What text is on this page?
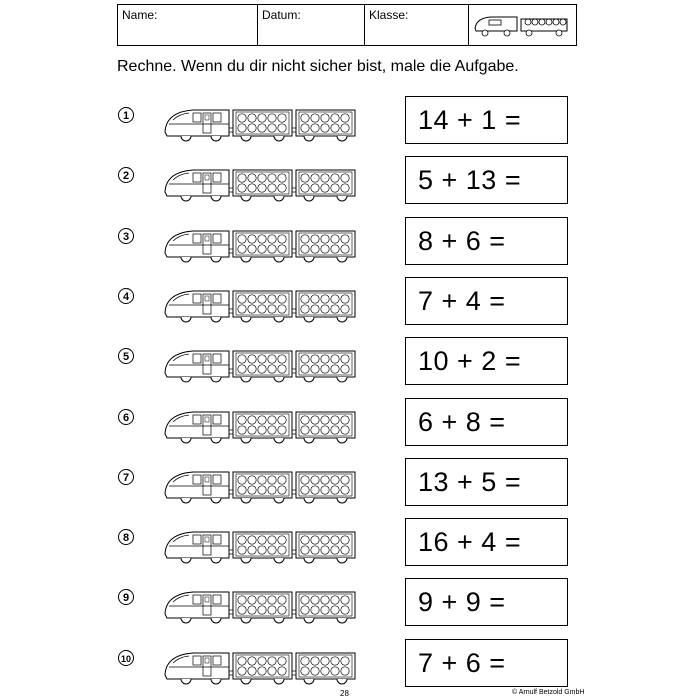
Name:	Datum:	Klasse:
Rechne. Wenn du dir nicht sicher bist, male die Aufgabe.
1	14 + 1 =
2	5 + 13 =
3	8 + 6 =
4	7 + 4 =
5	10 + 2 =
6	6 + 8 =
7	13 + 5 =
8	16 + 4 =
9	9 + 9 =
10	7 + 6 =
28	© Arnulf Betzold GmbH
